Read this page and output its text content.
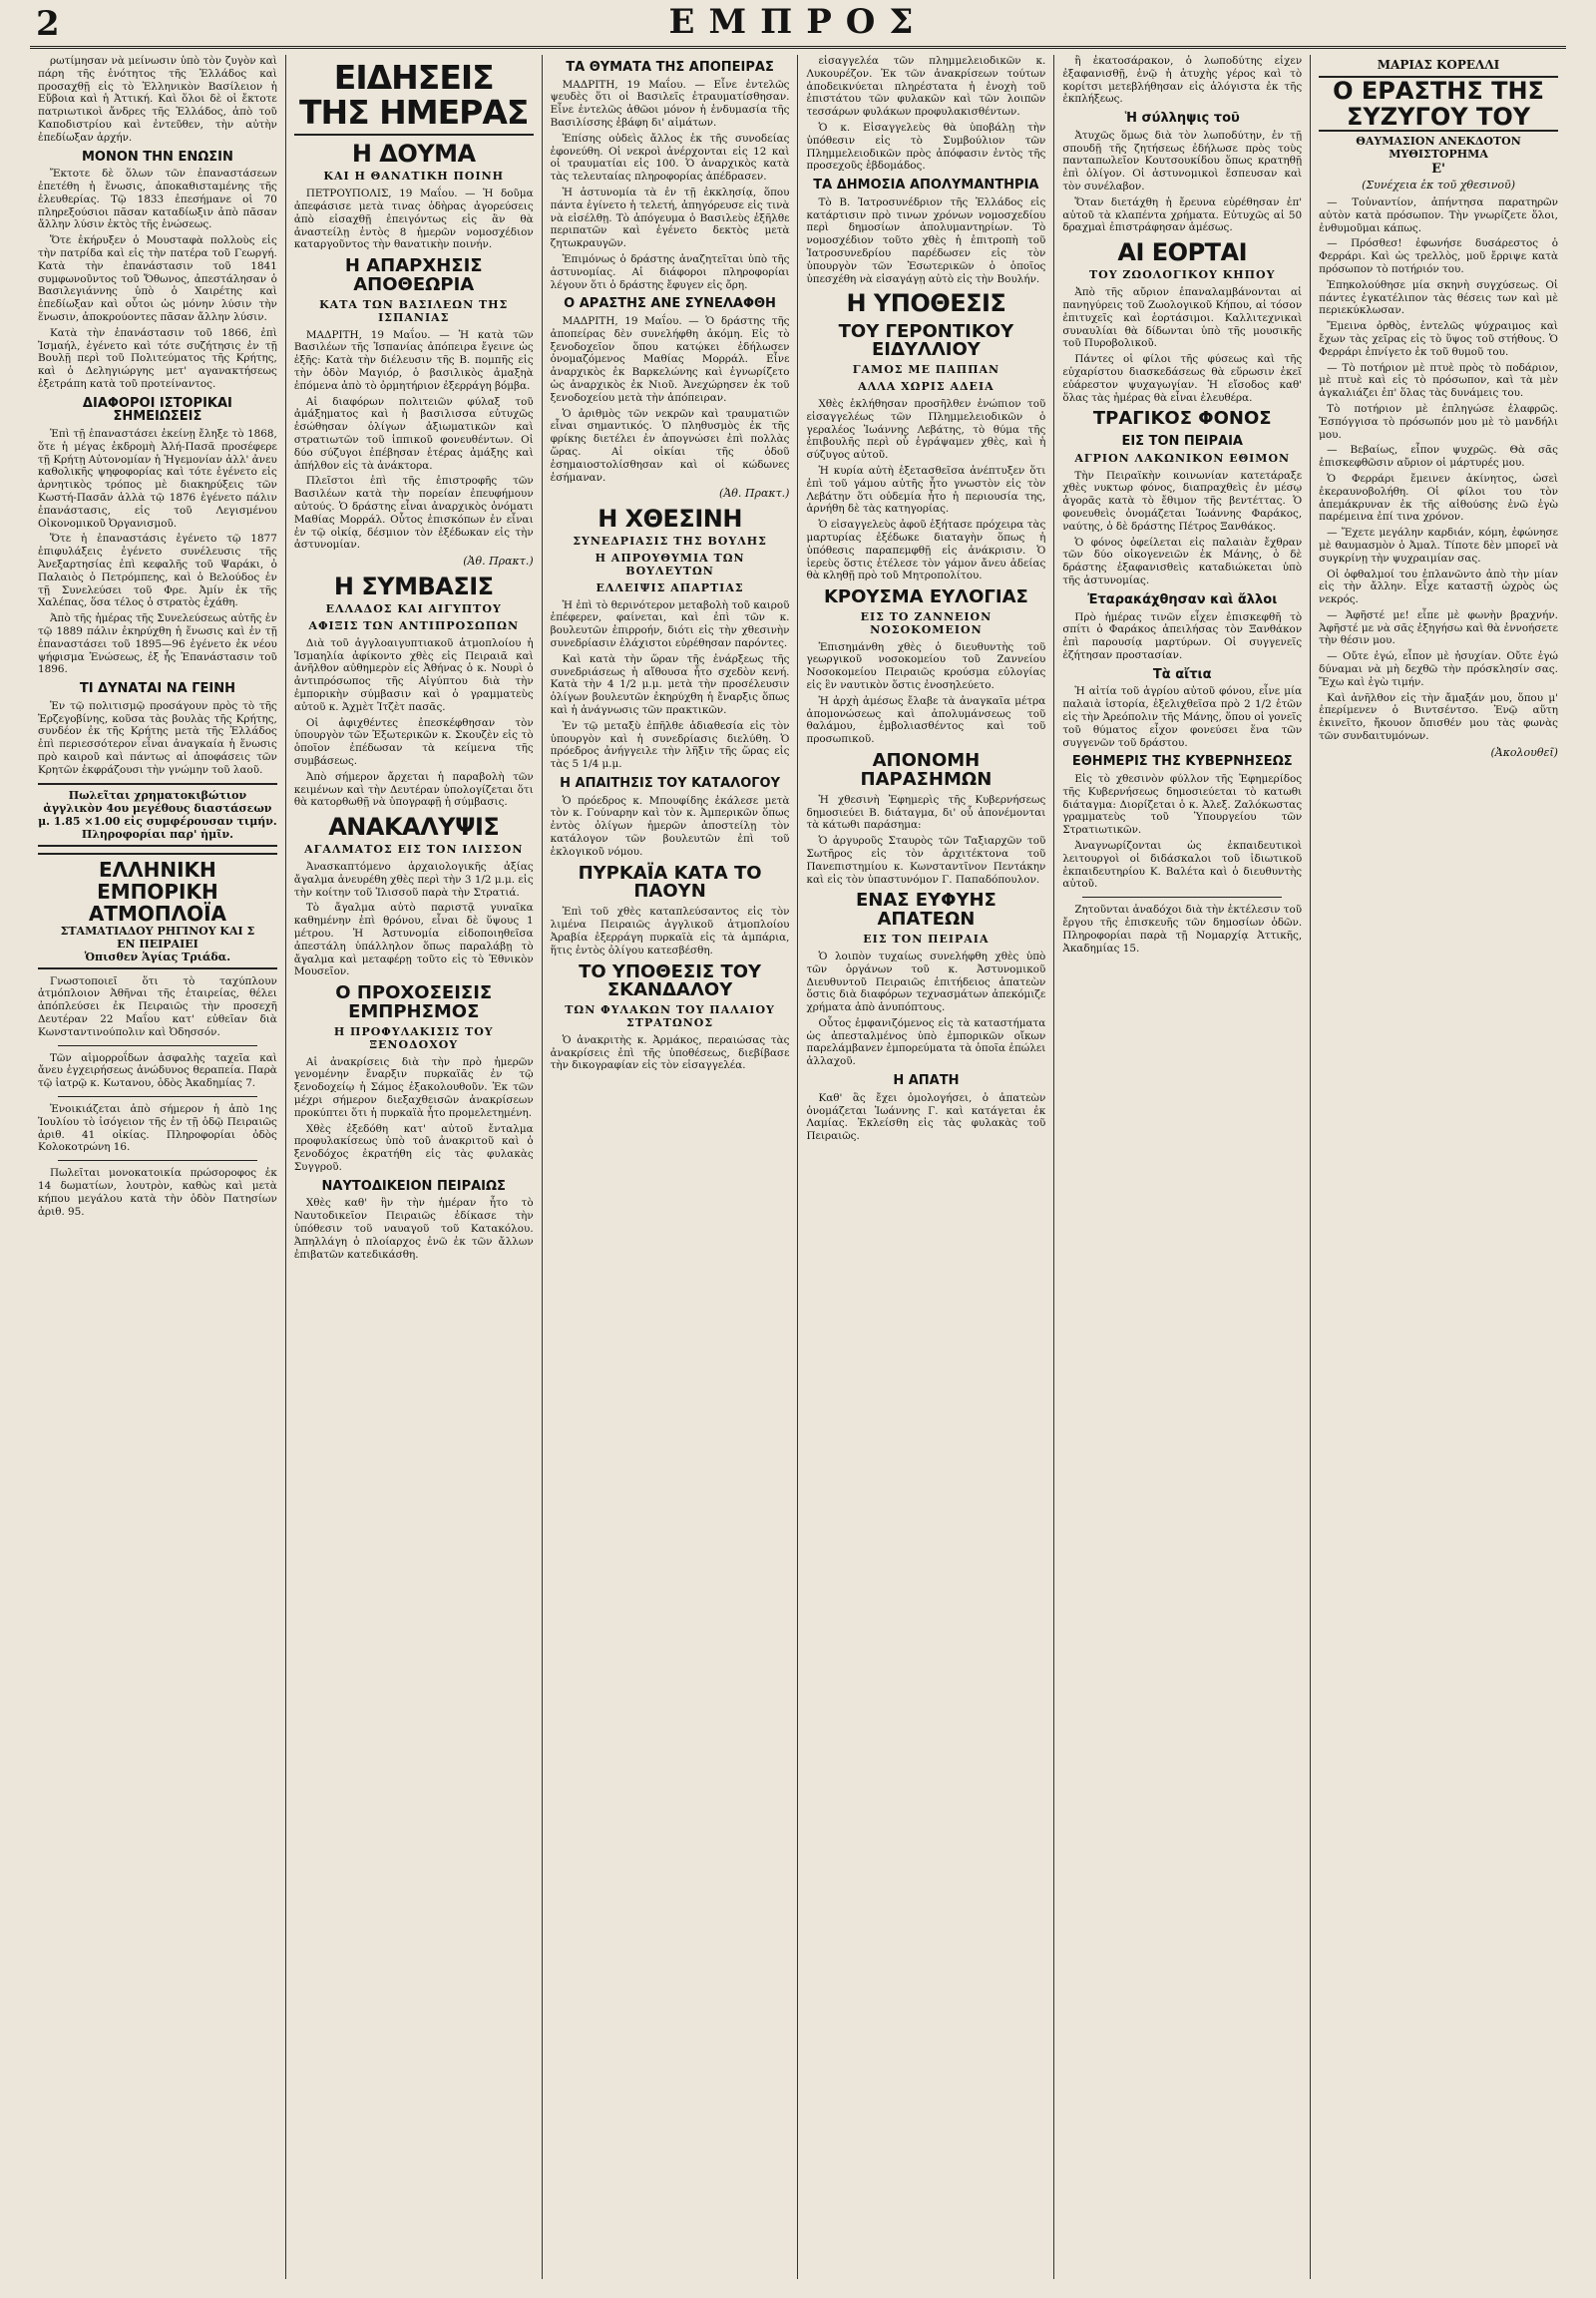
2	ΕΜΠΡΟΣ

ρωτίμησαν νὰ μείνωσιν ὑπὸ τὸν ζυγὸν καὶ πάρη τῆς ἑνότητος τῆς Ἑλλάδος καὶ προσαχθῇ εἰς τὸ Ἑλληνικὸν Βασίλειον ἡ Εὔβοια καὶ ἡ Ἀττική. Καὶ ὅλοι δὲ οἱ ἔκτοτε πατριωτικοὶ ἄνδρες τῆς Ἑλλάδος, ἀπὸ τοῦ Καποδιστρίου καὶ ἐντεῦθεν, τὴν αὐτὴν ἐπεδίωξαν ἀρχήν.

ΜΟΝΟΝ ΤΗΝ ΕΝΩΣΙΝ

Ἔκτοτε δὲ ὅλων τῶν ἐπαναστάσεων ἐπετέθη ἡ ἕνωσις, ἀποκαθισταμένης τῆς ἐλευθερίας. Τῷ 1833 ἐπεσήμανε οἱ 70 πληρεξούσιοι πᾶσαν καταδίωξιν ἀπὸ πᾶσαν ἄλλην λύσιν ἐκτὸς τῆς ἑνώσεως.

Ὅτε ἐκήρυξεν ὁ Μουσταφὰ πολλοὺς εἰς τὴν πατρίδα καὶ εἰς τὴν πατέρα τοῦ Γεωργή. Κατὰ τὴν ἐπανάστασιν τοῦ 1841 συμφωνοῦντος τοῦ Ὄθωνος, ἀπεστάλησαν ὁ Βασιλεγιάννης ὑπὸ ὁ Χαιρέτης καὶ ἐπεδίωξαν καὶ οὗτοι ὡς μόνην λύσιν τὴν ἕνωσιν, ἀποκρούοντες πᾶσαν ἄλλην λύσιν.

Κατὰ τὴν ἐπανάστασιν τοῦ 1866, ἐπὶ Ἰσμαήλ, ἐγένετο καὶ τότε συζήτησις ἐν τῇ Βουλῇ περὶ τοῦ Πολιτεύματος τῆς Κρήτης, καὶ ὁ Δεληγιώργης μετ' αγανακτήσεως ἐξετράπη κατὰ τοῦ προτείναντος.

ΔΙΑΦΟΡΟΙ ΙΣΤΟΡΙΚΑΙ ΣΗΜΕΙΩΣΕΙΣ

Ἐπὶ τῇ ἐπαναστάσει ἐκείνῃ ἔληξε τὸ 1868, ὅτε ἡ μέγας ἐκδρομὴ Ἀλή-Πασᾶ προσέφερε τῇ Κρήτῃ Αὐτονομίαν ἡ Ἡγεμονίαν ἀλλ' ἀνευ καθολικῆς ψηφοφορίας καὶ τότε ἐγένετο εἰς ἀρνητικὸς τρόπος μὲ διακηρύξεις τῶν Κωστή-Πασᾶν ἀλλὰ τῷ 1876 ἐγένετο πάλιν ἐπανάστασις, εἰς τοῦ Λεγισμένου Οἰκονομικοῦ Ὀργανισμοῦ.

Ὅτε ἡ ἐπαναστάσις ἐγένετο τῷ 1877 ἐπιφυλάξεις ἐγένετο συνέλευσις τῆς Ἀνεξαρτησίας ἐπὶ κεφαλῆς τοῦ Ψαράκι, ὁ Παλαιὸς ὁ Πετρόμπεης, καὶ ὁ Βελούδος ἐν τῇ Συνελεύσει τοῦ Φρε. Ἀμίν ἐκ τῆς Χαλέπας, ὅσα τέλος ὁ στρατὸς ἐχάθη.

Ἀπὸ τῆς ἡμέρας τῆς Συνελεύσεως αὐτῆς ἐν τῷ 1889 πάλιν ἐκηρύχθη ἡ ἕνωσις καὶ ἐν τῇ ἐπαναστάσει τοῦ 1895—96 ἐγένετο ἐκ νέου ψήφισμα Ἐνώσεως, ἐξ ἧς Ἐπανάστασιν τοῦ 1896.

ΤΙ ΔΥΝΑΤΑΙ ΝΑ ΓΕΙΝΗ

Ἐν τῷ πολιτισμῷ προσάγουν πρὸς τὸ τῆς Ἐρζεγοβίνης, κοῦσα τὰς βουλὰς τῆς Κρήτης, συνδέον ἐκ τῆς Κρήτης μετὰ τῆς Ἑλλάδος ἐπὶ περιεσσότερον εἶναι ἀναγκαία ἡ ἕνωσις πρὸ καιροῦ καὶ πάντως αἱ ἀποφάσεις τῶν Κρητῶν ἐκφράζουσι τὴν γνώμην τοῦ λαοῦ.

Πωλεῖται χρηματοκιβώτιον ἀγγλικὸν 4ου μεγέθους διαστάσεων μ. 1.85 ×1.00 εἰς συμφέρουσαν τιμήν. Πληροφορίαι παρ' ἡμῖν.
ΕΛΛΗΝΙΚΗ
ΕΜΠΟΡΙΚΗ ΑΤΜΟΠΛΟΪΑ
ΣΤΑΜΑΤΙΑΔΟΥ ΡΗΓΙΝΟΥ ΚΑΙ Σ
ΕΝ ΠΕΙΡΑΙΕΙ
Ὁπισθεν Ἁγίας Τριάδα.

Γνωστοποιεῖ ὅτι τὸ ταχύπλουν ἀτμόπλοιον Ἀθῆναι τῆς ἐταιρείας, θέλει ἀπόπλεύσει ἐκ Πειραιῶς τὴν προσεχῆ Δευτέραν 22 Μαΐου κατ' εὐθεῖαν διὰ Κωνσταντινούπολιν καὶ Ὀδησσόν.

Τῶν αἱμορροΐδων ἀσφαλὴς ταχεῖα καὶ ἄνευ ἐγχειρήσεως ἀνώδυνος θεραπεία. Παρὰ τῷ ἰατρῷ κ. Κωτανου, ὁδὸς Ἀκαδημίας 7.

Ἐνοικιάζεται ἀπὸ σήμερον ἡ ἀπὸ 1ης Ἰουλίου τὸ ἰσόγειον τῆς ἐν τῇ ὁδῷ Πειραιῶς ἀριθ. 41 οἰκίας. Πληροφορίαι ὁδὸς Κολοκοτρώνη 16.

Πωλεῖται μονοκατοικία πρώσοροφος ἐκ 14 δωματίων, λουτρὸν, καθὼς καὶ μετὰ κήπου μεγάλου κατὰ τὴν ὁδὸν Πατησίων ἀριθ. 95.

ΕΙΔΗΣΕΙΣ ΤΗΣ ΗΜΕΡΑΣ
Η ΔΟΥΜΑ
ΚΑΙ Η ΘΑΝΑΤΙΚΗ ΠΟΙΝΗ

ΠΕΤΡΟΥΠΟΛΙΣ, 19 Μαΐου. — Ἡ δοῦμα ἀπεφάσισε μετὰ τινας ὁδὴρας ἀγορεύσεις ἀπὸ εἰσαχθῇ ἐπειγόντως εἰς ἂν θὰ ἀναστείλῃ ἐντὸς 8 ἡμερῶν νομοσχέδιον καταργοῦντος τὴν θανατικὴν ποινήν.

Η ΑΠΑΡΧΗΣΙΣ ΑΠΟΘΕΩΡΙΑ
ΚΑΤΑ ΤΩΝ ΒΑΣΙΛΕΩΝ ΤΗΣ ΙΣΠΑΝΙΑΣ

ΜΑΔΡΙΤΗ, 19 Μαΐου. — Ἡ κατὰ τῶν Βασιλέων τῆς Ἱσπανίας ἀπόπειρα ἔγεινε ὡς ἑξῆς: Κατὰ τὴν διέλευσιν τῆς Β. πομπῆς εἰς τὴν ὁδὸν Μαγιόρ, ὁ βασιλικὸς ἀμαξηὰ ἐπόμενα ἀπὸ τὸ ὀρμητήριον ἐξερράγη βόμβα.

Αἱ διαφόρων πολιτειῶν φύλαξ τοῦ ἀμάξηματος καὶ ἡ βασιλισσα εὐτυχῶς ἐσώθησαν ὀλίγων ἀξιωματικῶν καὶ στρατιωτῶν τοῦ ἱππικοῦ φονευθέντων. Οἱ δύο σύζυγοι ἐπέβησαν ἑτέρας ἀμάξης καὶ ἀπήλθον εἰς τὰ ἀνάκτορα.

Πλεῖστοι ἐπὶ τῆς ἐπιστροφῆς τῶν Βασιλέων κατὰ τὴν πορείαν ἐπευφήμουν αὐτούς. Ὁ δράστης εἶναι ἀναρχικὸς ὀνόματι Μαθίας Μορράλ. Οὗτος ἐπισκόπων ἐν εἶναι ἐν τῷ οἰκίᾳ, δέσμιον τὸν ἐξέδωκαν εἰς τὴν ἀστυνομίαν.

(Ἀθ. Πρακτ.)
Η ΣΥΜΒΑΣΙΣ
ΕΛΛΑΔΟΣ ΚΑΙ ΑΙΓΥΠΤΟΥ
ΑΦΙΞΙΣ ΤΩΝ ΑΝΤΙΠΡΟΣΩΠΩΝ

Διὰ τοῦ ἀγγλοαιγυπτιακοῦ ἀτμοπλοίου ἡ Ἰσμαηλία ἀφίκοντο χθὲς εἰς Πειραιᾶ καὶ ἀνῆλθον αὐθημερὸν εἰς Ἀθήνας ὁ κ. Νουρὶ ὁ ἀντιπρόσωπος τῆς Αἰγύπτου διὰ τὴν ἐμπορικὴν σύμβασιν καὶ ὁ γραμματεὺς αὐτοῦ κ. Ἀχμὲτ Ἰτζὲτ πασᾶς.

Οἱ ἀφιχθέντες ἐπεσκέφθησαν τὸν ὑπουργὸν τῶν Ἐξωτερικῶν κ. Σκουζὲν εἰς τὸ ὁποῖον ἐπέδωσαν τὰ κείμενα τῆς συμβάσεως.

Ἀπὸ σήμερον ἄρχεται ἡ παραβολὴ τῶν κειμένων καὶ τὴν Δευτέραν ὑπολογίζεται ὅτι θὰ κατορθωθῇ νὰ ὑπογραφῇ ἡ σύμβασις.

ΑΝΑΚΑΛΥΨΙΣ
ΑΓΑΛΜΑΤΟΣ ΕΙΣ ΤΟΝ ΙΛΙΣΣΟΝ

Ἀνασκαπτόμενο ἀρχαιολογικῆς ἀξίας ἄγαλμα ἀνευρέθη χθὲς περὶ τὴν 3 1/2 μ.μ. εἰς τὴν κοίτην τοῦ Ἰλισσοῦ παρὰ τὴν Στρατιά.

Τὸ ἄγαλμα αὐτὸ παριστᾷ γυναῖκα καθημένην ἐπὶ θρόνου, εἶναι δὲ ὕψους 1 μέτρου. Ἡ Ἀστυνομία εἰδοποιηθεῖσα ἀπεστάλη ὑπάλληλον ὅπως παραλάβῃ τὸ ἄγαλμα καὶ μεταφέρῃ τοῦτο εἰς τὸ Ἐθνικὸν Μουσεῖον.

Ο ΠΡΟΧΟΣΕΙΣΙΣ ΕΜΠΡΗΣΜΟΣ
Η ΠΡΟΦΥΛΑΚΙΣΙΣ ΤΟΥ ΞΕΝΟΔΟΧΟΥ

Αἱ ἀνακρίσεις διὰ τὴν πρὸ ἡμερῶν γενομένην ἔναρξιν πυρκαϊᾶς ἐν τῷ ξενοδοχείῳ ἡ Σάμος ἐξακολουθοῦν. Ἐκ τῶν μέχρι σήμερον διεξαχθεισῶν ἀνακρίσεων προκύπτει ὅτι ἡ πυρκαϊὰ ἦτο προμελετημένη.

Χθὲς ἐξεδόθη κατ' αὐτοῦ ἔνταλμα προφυλακίσεως ὑπὸ τοῦ ἀνακριτοῦ καὶ ὁ ξενοδόχος ἐκρατήθη εἰς τὰς φυλακὰς Συγγροῦ.

ΝΑΥΤΟΔΙΚΕΙΟΝ ΠΕΙΡΑΙΩΣ

Χθὲς καθ' ἣν τὴν ἡμέραν ἦτο τὸ Ναυτοδικεῖον Πειραιῶς ἐδίκασε τὴν ὑπόθεσιν τοῦ ναυαγοῦ τοῦ Κατακόλου. Ἀπηλλάγη ὁ πλοίαρχος ἐνῶ ἐκ τῶν ἄλλων ἐπιβατῶν κατεδικάσθη.

ΤΑ ΘΥΜΑΤΑ ΤΗΣ ΑΠΟΠΕΙΡΑΣ

ΜΑΔΡΙΤΗ, 19 Μαΐου. — Εἶνε ἐντελῶς ψευδὲς ὅτι οἱ Βασιλεῖς ἐτραυματίσθησαν. Εἶνε ἐντελῶς ἀθῶοι μόνον ἡ ἐνδυμασία τῆς Βασιλίσσης ἐβάφη δι' αἱμάτων.

Ἐπίσης οὐδεὶς ἄλλος ἐκ τῆς συνοδείας ἐφονεύθη. Οἱ νεκροὶ ἀνέρχονται εἰς 12 καὶ οἱ τραυματίαι εἰς 100. Ὁ ἀναρχικὸς κατὰ τὰς τελευταίας πληροφορίας ἀπέδρασεν.

Ἡ ἀστυνομία τὰ ἐν τῇ ἐκκλησίᾳ, ὅπου πάντα ἐγίνετο ἡ τελετή, ἀπηγόρευσε εἰς τινὰ νὰ εἰσέλθῃ. Τὸ ἀπόγευμα ὁ Βασιλεὺς ἐξῆλθε περιπατῶν καὶ ἐγένετο δεκτὸς μετὰ ζητωκραυγῶν.

Ἐπιμόνως ὁ δράστης ἀναζητεῖται ὑπὸ τῆς ἀστυνομίας. Αἱ διάφοροι πληροφορίαι λέγουν ὅτι ὁ δράστης ἔφυγεν εἰς ὄρη.

Ο ΑΡΑΣΤΗΣ ΑΝΕ ΣΥΝΕΛΑΦΘΗ

ΜΑΔΡΙΤΗ, 19 Μαΐου. — Ὁ δράστης τῆς ἀποπείρας δὲν συνελήφθη ἀκόμη. Εἰς τὸ ξενοδοχεῖον ὅπου κατῴκει ἐδήλωσεν ὀνομαζόμενος Μαθίας Μορράλ. Εἶνε ἀναρχικὸς ἐκ Βαρκελώνης καὶ ἐγνωρίζετο ὡς ἀναρχικὸς ἐκ Νιοῦ. Ἀνεχώρησεν ἐκ τοῦ ξενοδοχείου μετὰ τὴν ἀπόπειραν.

Ὁ ἀριθμὸς τῶν νεκρῶν καὶ τραυματιῶν εἶναι σημαντικός. Ὁ πληθυσμὸς ἐκ τῆς φρίκης διετέλει ἐν ἀπογνώσει ἐπὶ πολλὰς ὥρας. Αἱ οἰκίαι τῆς ὁδοῦ ἐσημαιοστολίσθησαν καὶ οἱ κώδωνες ἐσήμαναν.

(Ἀθ. Πρακτ.)
Η ΧΘΕΣΙΝΗ
ΣΥΝΕΔΡΙΑΣΙΣ ΤΗΣ ΒΟΥΛΗΣ
Η ΑΠΡΟΥΘΥΜΙΑ ΤΩΝ ΒΟΥΛΕΥΤΩΝ
ΕΛΛΕΙΨΙΣ ΑΠΑΡΤΙΑΣ

Ἡ ἐπὶ τὸ θερινότερον μεταβολὴ τοῦ καιροῦ ἐπέφερεν, φαίνεται, καὶ ἐπὶ τῶν κ. βουλευτῶν ἐπιρροήν, διότι εἰς τὴν χθεσινὴν συνεδρίασιν ἐλάχιστοι εὑρέθησαν παρόντες.

Καὶ κατὰ τὴν ὥραν τῆς ἐνάρξεως τῆς συνεδριάσεως ἡ αἴθουσα ἦτο σχεδὸν κενή. Κατὰ τὴν 4 1/2 μ.μ. μετὰ τὴν προσέλευσιν ὀλίγων βουλευτῶν ἐκηρύχθη ἡ ἔναρξις ὅπως καὶ ἡ ἀνάγνωσις τῶν πρακτικῶν.

Ἐν τῷ μεταξὺ ἐπῆλθε ἀδιαθεσία εἰς τὸν ὑπουργὸν καὶ ἡ συνεδρίασις διελύθη. Ὁ πρόεδρος ἀνήγγειλε τὴν λῆξιν τῆς ὥρας εἰς τὰς 5 1/4 μ.μ.

Η ΑΠΑΙΤΗΣΙΣ ΤΟΥ ΚΑΤΑΛΟΓΟΥ

Ὁ πρόεδρος κ. Μπουφίδης ἐκάλεσε μετὰ τὸν κ. Γούναρην καὶ τὸν κ. Ἀμπερικῶν ὅπως ἐντὸς ὀλίγων ἡμερῶν ἀποστείλῃ τὸν κατάλογον τῶν βουλευτῶν ἐπὶ τοῦ ἐκλογικοῦ νόμου.

ΠΥΡΚΑΪΑ ΚΑΤΑ ΤΟ ΠΑΟΥΝ

Ἐπὶ τοῦ χθὲς καταπλεύσαντος εἰς τὸν λιμένα Πειραιῶς ἀγγλικοῦ ἀτμοπλοίου Ἀραβία ἐξερράγη πυρκαϊὰ εἰς τὰ ἀμπάρια, ἥτις ἐντὸς ὀλίγου κατεσβέσθη.

ΤΟ ΥΠΟΘΕΣΙΣ ΤΟΥ ΣΚΑΝΔΑΛΟΥ
ΤΩΝ ΦΥΛΑΚΩΝ ΤΟΥ ΠΑΛΑΙΟΥ ΣΤΡΑΤΩΝΟΣ

Ὁ ἀνακριτὴς κ. Ἀρμάκος, περαιώσας τὰς ἀνακρίσεις ἐπὶ τῆς ὑποθέσεως, διεβίβασε τὴν δικογραφίαν εἰς τὸν εἰσαγγελέα.

εἰσαγγελέα τῶν πλημμελειοδικῶν κ. Λυκουρέζον. Ἐκ τῶν ἀνακρίσεων τούτων ἀποδεικνύεται πληρέστατα ἡ ἐνοχὴ τοῦ ἐπιστάτου τῶν φυλακῶν καὶ τῶν λοιπῶν τεσσάρων φυλάκων προφυλακισθέντων.

Ὁ κ. Εἰσαγγελεὺς θὰ ὑποβάλῃ τὴν ὑπόθεσιν εἰς τὸ Συμβούλιον τῶν Πλημμελειοδικῶν πρὸς ἀπόφασιν ἐντὸς τῆς προσεχοῦς ἑβδομάδος.

ΤΑ ΔΗΜΟΣΙΑ ΑΠΟΛΥΜΑΝΤΗΡΙΑ

Τὸ Β. Ἰατροσυνέδριον τῆς Ἑλλάδος εἰς κατάρτισιν πρὸ τινων χρόνων νομοσχεδίου περὶ δημοσίων ἀπολυμαντηρίων. Τὸ νομοσχέδιον τοῦτο χθὲς ἡ ἐπιτροπὴ τοῦ Ἰατροσυνεδρίου παρέδωσεν εἰς τὸν ὑπουργὸν τῶν Ἐσωτερικῶν ὁ ὁποῖος ὑπεσχέθη νὰ εἰσαγάγῃ αὐτὸ εἰς τὴν Βουλήν.

Η ΥΠΟΘΕΣΙΣ
ΤΟΥ ΓΕΡΟΝΤΙΚΟΥ ΕΙΔΥΛΛΙΟΥ
ΓΑΜΟΣ ΜΕ ΠΑΠΠΑΝ
ΑΛΛΑ ΧΩΡΙΣ ΑΔΕΙΑ

Χθὲς ἐκλήθησαν προσῆλθεν ἐνώπιον τοῦ εἰσαγγελέως τῶν Πλημμελειοδικῶν ὁ γεραλέος Ἰωάννης Λεβάτης, τὸ θύμα τῆς ἐπιβουλῆς περὶ οὗ ἐγράψαμεν χθὲς, καὶ ἡ σύζυγος αὐτοῦ.

Ἡ κυρία αὐτὴ ἐξετασθεῖσα ἀνέπτυξεν ὅτι ἐπὶ τοῦ γάμου αὐτῆς ἦτο γνωστὸν εἰς τὸν Λεβάτην ὅτι οὐδεμία ἦτο ἡ περιουσία της, ἀρνήθη δὲ τὰς κατηγορίας.

Ὁ εἰσαγγελεὺς ἀφοῦ ἐξήτασε πρόχειρα τὰς μαρτυρίας ἐξέδωκε διαταγὴν ὅπως ἡ ὑπόθεσις παραπεμφθῇ εἰς ἀνάκρισιν. Ὁ ἱερεὺς ὅστις ἐτέλεσε τὸν γάμον ἄνευ ἀδείας θὰ κληθῇ πρὸ τοῦ Μητροπολίτου.

ΚΡΟΥΣΜΑ ΕΥΛΟΓΙΑΣ
ΕΙΣ ΤΟ ΖΑΝΝΕΙΟΝ ΝΟΣΟΚΟΜΕΙΟΝ

Ἐπισημάνθη χθὲς ὁ διευθυντὴς τοῦ γεωργικοῦ νοσοκομείου τοῦ Ζαννείου Νοσοκομείου Πειραιῶς κρούσμα εὐλογίας εἰς ἓν ναυτικὸν ὅστις ἐνοσηλεύετο.

Ἡ ἀρχὴ ἀμέσως ἔλαβε τὰ ἀναγκαῖα μέτρα ἀπομονώσεως καὶ ἀπολυμάνσεως τοῦ θαλάμου, ἐμβολιασθέντος καὶ τοῦ προσωπικοῦ.

ΑΠΟΝΟΜΗ ΠΑΡΑΣΗΜΩΝ

Ἡ χθεσινὴ Ἐφημερὶς τῆς Κυβερνήσεως δημοσιεύει Β. διάταγμα, δι' οὗ ἀπονέμονται τὰ κάτωθι παράσημα:

Ὁ ἀργυροῦς Σταυρὸς τῶν Ταξιαρχῶν τοῦ Σωτῆρος εἰς τὸν ἀρχιτέκτονα τοῦ Πανεπιστημίου κ. Κωνσταντῖνον Πεντάκην καὶ εἰς τὸν ὑπαστυνόμον Γ. Παπαδόπουλον.

ΕΝΑΣ ΕΥΦΥΗΣ ΑΠΑΤΕΩΝ
ΕΙΣ ΤΟΝ ΠΕΙΡΑΙΑ

Ὁ λοιπὸν τυχαίως συνελήφθη χθὲς ὑπὸ τῶν ὀργάνων τοῦ κ. Ἀστυνομικοῦ Διευθυντοῦ Πειραιῶς ἐπιτήδειος ἀπατεὼν ὅστις διὰ διαφόρων τεχνασμάτων ἀπεκόμιζε χρήματα ἀπὸ ἀνυπόπτους.

Οὗτος ἐμφανιζόμενος εἰς τὰ καταστήματα ὡς ἀπεσταλμένος ὑπὸ ἐμπορικῶν οἴκων παρελάμβανεν ἐμπορεύματα τὰ ὁποῖα ἐπώλει ἀλλαχοῦ.

Η ΑΠΑΤΗ

Καθ' ἃς ἔχει ὁμολογήσει, ὁ ἀπατεὼν ὀνομάζεται Ἰωάννης Γ. καὶ κατάγεται ἐκ Λαμίας. Ἐκλείσθη εἰς τὰς φυλακὰς τοῦ Πειραιῶς.

ἢ ἐκατοσάρακον, ὁ λωποδύτης εἶχεν ἐξαφανισθῇ, ἐνῷ ἡ ἀτυχὴς γέρος καὶ τὸ κορίτσι μετεβλήθησαν εἰς ἀλόγιστα ἐκ τῆς ἐκπλήξεως.

Ἡ σύλληψις τοῦ

Ἀτυχῶς ὅμως διὰ τὸν λωποδύτην, ἐν τῇ σπουδῇ τῆς ζητήσεως ἐδήλωσε πρὸς τοὺς πανταπωλεῖον Κουτσουκίδου ὅπως κρατηθῇ ἐπὶ ὀλίγον. Οἱ ἀστυνομικοὶ ἔσπευσαν καὶ τὸν συνέλαβον.

Ὅταν διετάχθη ἡ ἔρευνα εὑρέθησαν ἐπ' αὐτοῦ τὰ κλαπέντα χρήματα. Εὐτυχῶς αἱ 50 δραχμαὶ ἐπιστράφησαν ἀμέσως.

ΑΙ ΕΟΡΤΑΙ
ΤΟΥ ΖΩΟΛΟΓΙΚΟΥ ΚΗΠΟΥ

Ἀπὸ τῆς αὔριον ἐπαναλαμβάνονται αἱ πανηγύρεις τοῦ Ζωολογικοῦ Κήπου, αἱ τόσον ἐπιτυχεῖς καὶ ἑορτάσιμοι. Καλλιτεχνικαὶ συναυλίαι θὰ δίδωνται ὑπὸ τῆς μουσικῆς τοῦ Πυροβολικοῦ.

Πάντες οἱ φίλοι τῆς φύσεως καὶ τῆς εὐχαρίστου διασκεδάσεως θὰ εὕρωσιν ἐκεῖ εὐάρεστον ψυχαγωγίαν. Ἡ εἴσοδος καθ' ὅλας τὰς ἡμέρας θὰ εἶναι ἐλευθέρα.

ΤΡΑΓΙΚΟΣ ΦΟΝΟΣ
ΕΙΣ ΤΟΝ ΠΕΙΡΑΙΑ
ΑΓΡΙΟΝ ΛΑΚΩΝΙΚΟΝ ΕΘΙΜΟΝ

Τὴν Πειραϊκὴν κοινωνίαν κατετάραξε χθὲς νυκτωρ φόνος, διαπραχθεὶς ἐν μέσῳ ἀγορᾶς κατὰ τὸ ἔθιμον τῆς βεντέττας. Ὁ φονευθεὶς ὀνομάζεται Ἰωάννης Φαράκος, ναύτης, ὁ δὲ δράστης Πέτρος Ξανθάκος.

Ὁ φόνος ὀφείλεται εἰς παλαιὰν ἔχθραν τῶν δύο οἰκογενειῶν ἐκ Μάνης, ὁ δὲ δράστης ἐξαφανισθεὶς καταδιώκεται ὑπὸ τῆς ἀστυνομίας.

Ἐταρακάχθησαν καὶ ἄλλοι

Πρὸ ἡμέρας τινῶν εἶχεν ἐπισκεφθῆ τὸ σπίτι ὁ Φαράκος ἀπειλήσας τὸν Ξανθάκον ἐπὶ παρουσίᾳ μαρτύρων. Οἱ συγγενεῖς ἐζήτησαν προστασίαν.

Τὰ αἴτια

Ἡ αἰτία τοῦ ἀγρίου αὐτοῦ φόνου, εἶνε μία παλαιὰ ἱστορία, ἐξελιχθεῖσα πρὸ 2 1/2 ἐτῶν εἰς τὴν Ἀρεόπολιν τῆς Μάνης, ὅπου οἱ γονεῖς τοῦ θύματος εἶχον φονεύσει ἕνα τῶν συγγενῶν τοῦ δράστου.

ΕΘΗΜΕΡΙΣ ΤΗΣ ΚΥΒΕΡΝΗΣΕΩΣ

Εἰς τὸ χθεσινὸν φύλλον τῆς Ἐφημερίδος τῆς Κυβερνήσεως δημοσιεύεται τὸ κατωθι διάταγμα: Διορίζεται ὁ κ. Ἀλεξ. Ζαλόκωστας γραμματεὺς τοῦ Ὑπουργείου τῶν Στρατιωτικῶν.

Ἀναγνωρίζονται ὡς ἐκπαιδευτικοὶ λειτουργοὶ οἱ διδάσκαλοι τοῦ ἰδιωτικοῦ ἐκπαιδευτηρίου Κ. Βαλέτα καὶ ὁ διευθυντὴς αὐτοῦ.

Ζητοῦνται ἀναδόχοι διὰ τὴν ἐκτέλεσιν τοῦ ἔργου τῆς ἐπισκευῆς τῶν δημοσίων ὁδῶν. Πληροφορίαι παρὰ τῇ Νομαρχίᾳ Ἀττικῆς, Ἀκαδημίας 15.

ΜΑΡΙΑΣ ΚΟΡΕΛΛΙ
Ο ΕΡΑΣΤΗΣ ΤΗΣ ΣΥΖΥΓΟΥ ΤΟΥ
ΘΑΥΜΑΣΙΟΝ ΑΝΕΚΔΟΤΟΝ ΜΥΘΙΣΤΟΡΗΜΑ
Ε'
(Συνέχεια ἐκ τοῦ χθεσινοῦ)

— Τοὐναντίον, ἀπήντησα παρατηρῶν αὐτὸν κατὰ πρόσωπον. Τὴν γνωρίζετε ὅλοι, ἐνθυμοῦμαι κάπως.

— Πρόσθεσ! ἐφωνήσε δυσάρεστος ὁ Φερράρι. Καὶ ὡς τρελλὸς, μοῦ ἔρριψε κατὰ πρόσωπον τὸ ποτήριόν του.

Ἐπηκολούθησε μία σκηνὴ συγχύσεως. Οἱ πάντες ἐγκατέλιπον τὰς θέσεις των καὶ μὲ περιεκύκλωσαν.

Ἔμεινα ὀρθὸς, ἐντελῶς ψύχραιμος καὶ ἔχων τὰς χεῖρας εἰς τὸ ὕψος τοῦ στήθους. Ὁ Φερράρι ἐπνίγετο ἐκ τοῦ θυμοῦ του.

— Τὸ ποτήριον μὲ πτυὲ πρὸς τὸ ποδάριον, μὲ πτυὲ καὶ εἰς τὸ πρόσωπον, καὶ τὰ μὲν ἀγκαλιάζει ἐπ' ὅλας τὰς δυνάμεις του.

Τὸ ποτήριον μὲ ἐπληγώσε ἐλαφρῶς. Ἐσπόγγισα τὸ πρόσωπόν μου μὲ τὸ μανδήλι μου.

— Βεβαίως, εἶπον ψυχρῶς. Θὰ σᾶς ἐπισκεφθῶσιν αὔριον οἱ μάρτυρές μου.

Ὁ Φερράρι ἔμεινεν ἀκίνητος, ὡσεὶ ἐκεραυνοβολήθη. Οἱ φίλοι του τὸν ἀπεμάκρυναν ἐκ τῆς αἰθούσης ἐνῶ ἐγὼ παρέμεινα ἐπί τινα χρόνον.

— Ἔχετε μεγάλην καρδιάν, κόμη, ἐφώνησε μὲ θαυμασμὸν ὁ Ἀμαλ. Τίποτε δὲν μπορεῖ νὰ συγκρίνῃ τὴν ψυχραιμίαν σας.

Οἱ ὀφθαλμοί του ἐπλανῶντο ἀπὸ τὴν μίαν εἰς τὴν ἄλλην. Εἶχε καταστῇ ὠχρὸς ὡς νεκρός.

— Ἀφῆστέ με! εἶπε μὲ φωνὴν βραχνήν. Ἀφῆστέ με νὰ σᾶς ἐξηγήσω καὶ θὰ ἐννοήσετε τὴν θέσιν μου.

— Οὔτε ἐγώ, εἶπον μὲ ἡσυχίαν. Οὔτε ἐγώ δύναμαι νὰ μὴ δεχθῶ τὴν πρόσκλησίν σας. Ἔχω καὶ ἐγὼ τιμήν.

Καὶ ἀνῆλθον εἰς τὴν ἄμαξάν μου, ὅπου μ' ἐπερίμενεν ὁ Βιντσέντσο. Ἐνῷ αὕτη ἐκινεῖτο, ἤκουον ὄπισθέν μου τὰς φωνὰς τῶν συνδαιτυμόνων.

(Ἀκολουθεῖ)
